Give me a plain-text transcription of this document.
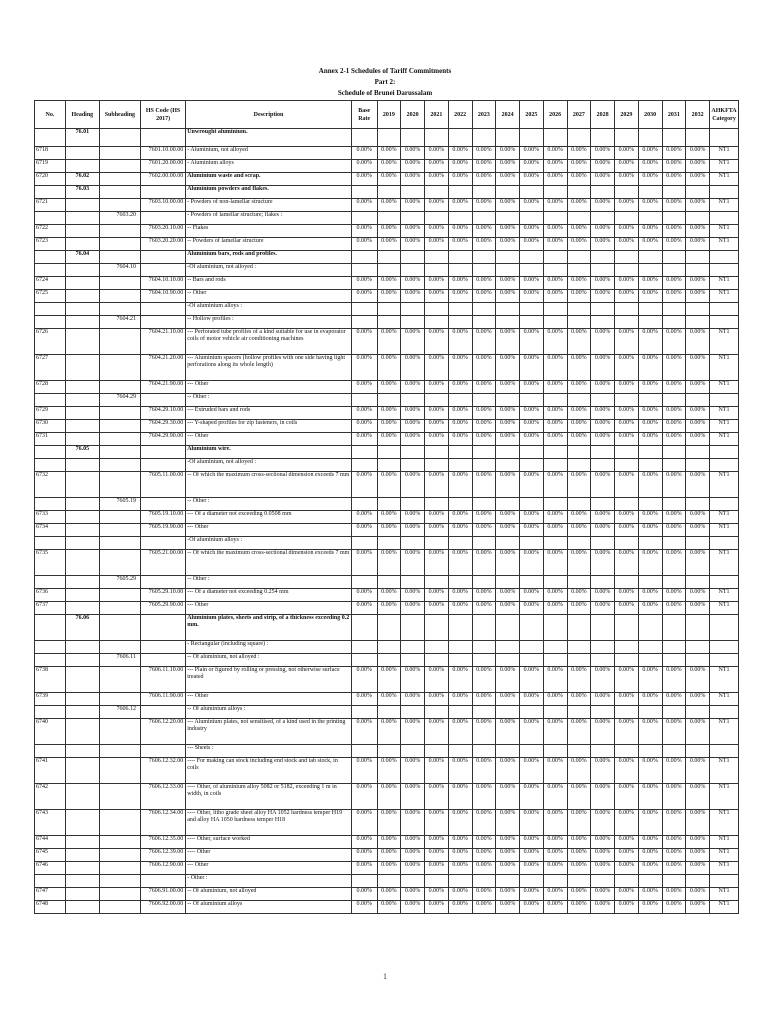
Annex 2-1 Schedules of Tariff Commitments
Part 2:
Schedule of Brunei Darussalam
No.	Heading	Subheading	HS Code (HS 2017)	Description	Base Rate	2019	2020	2021	2022	2023	2024	2025	2026	2027	2028	2029	2030	2031	2032	AHKFTA Category
	76.01			Unwrought aluminium.																
6718			7601.10.00.00	- Aluminium, not alloyed	0.00%	0.00%	0.00%	0.00%	0.00%	0.00%	0.00%	0.00%	0.00%	0.00%	0.00%	0.00%	0.00%	0.00%	0.00%	NT1
6719			7601.20.00.00	- Aluminium alloys	0.00%	0.00%	0.00%	0.00%	0.00%	0.00%	0.00%	0.00%	0.00%	0.00%	0.00%	0.00%	0.00%	0.00%	0.00%	NT1
6720	76.02		7602.00.00.00	Aluminium waste and scrap.	0.00%	0.00%	0.00%	0.00%	0.00%	0.00%	0.00%	0.00%	0.00%	0.00%	0.00%	0.00%	0.00%	0.00%	0.00%	NT1
	76.03			Aluminium powders and flakes.																
6721			7603.10.00.00	- Powders of non-lamellar structure	0.00%	0.00%	0.00%	0.00%	0.00%	0.00%	0.00%	0.00%	0.00%	0.00%	0.00%	0.00%	0.00%	0.00%	0.00%	NT1
		7603.20		- Powders of lamellar structure; flakes :																
6722			7603.20.10.00	-- Flakes	0.00%	0.00%	0.00%	0.00%	0.00%	0.00%	0.00%	0.00%	0.00%	0.00%	0.00%	0.00%	0.00%	0.00%	0.00%	NT1
6723			7603.20.20.00	-- Powders of lamellar structure	0.00%	0.00%	0.00%	0.00%	0.00%	0.00%	0.00%	0.00%	0.00%	0.00%	0.00%	0.00%	0.00%	0.00%	0.00%	NT1
	76.04			Aluminium bars, rods and profiles.																
		7604.10		-Of aluminium, not alloyed :																
6724			7604.10.10.00	-- Bars and rods	0.00%	0.00%	0.00%	0.00%	0.00%	0.00%	0.00%	0.00%	0.00%	0.00%	0.00%	0.00%	0.00%	0.00%	0.00%	NT1
6725			7604.10.90.00	-- Other	0.00%	0.00%	0.00%	0.00%	0.00%	0.00%	0.00%	0.00%	0.00%	0.00%	0.00%	0.00%	0.00%	0.00%	0.00%	NT1
				-Of aluminium alloys :																
		7604.21		-- Hollow profiles :																
6726			7604.21.10.00	--- Perforated tube profiles of a kind suitable for use in evaporator coils of motor vehicle air conditioning machines	0.00%	0.00%	0.00%	0.00%	0.00%	0.00%	0.00%	0.00%	0.00%	0.00%	0.00%	0.00%	0.00%	0.00%	0.00%	NT1
6727			7604.21.20.00	--- Aluminium spacers (hollow profiles with one side having light perforations along its whole length)	0.00%	0.00%	0.00%	0.00%	0.00%	0.00%	0.00%	0.00%	0.00%	0.00%	0.00%	0.00%	0.00%	0.00%	0.00%	NT1
6728			7604.21.90.00	--- Other	0.00%	0.00%	0.00%	0.00%	0.00%	0.00%	0.00%	0.00%	0.00%	0.00%	0.00%	0.00%	0.00%	0.00%	0.00%	NT1
		7604.29		-- Other :																
6729			7604.29.10.00	--- Extruded bars and rods	0.00%	0.00%	0.00%	0.00%	0.00%	0.00%	0.00%	0.00%	0.00%	0.00%	0.00%	0.00%	0.00%	0.00%	0.00%	NT1
6730			7604.29.30.00	--- Y-shaped profiles for zip fasteners, in coils	0.00%	0.00%	0.00%	0.00%	0.00%	0.00%	0.00%	0.00%	0.00%	0.00%	0.00%	0.00%	0.00%	0.00%	0.00%	NT1
6731			7604.29.90.00	--- Other	0.00%	0.00%	0.00%	0.00%	0.00%	0.00%	0.00%	0.00%	0.00%	0.00%	0.00%	0.00%	0.00%	0.00%	0.00%	NT1
	76.05			Aluminium wire.																
				-Of aluminium, not alloyed :																
6732			7605.11.00.00	-- Of which the maximum cross-sectional dimension exceeds 7 mm	0.00%	0.00%	0.00%	0.00%	0.00%	0.00%	0.00%	0.00%	0.00%	0.00%	0.00%	0.00%	0.00%	0.00%	0.00%	NT1
		7605.19		-- Other :																
6733			7605.19.10.00	--- Of a diameter not exceeding 0.0508 mm	0.00%	0.00%	0.00%	0.00%	0.00%	0.00%	0.00%	0.00%	0.00%	0.00%	0.00%	0.00%	0.00%	0.00%	0.00%	NT1
6734			7605.19.90.00	--- Other	0.00%	0.00%	0.00%	0.00%	0.00%	0.00%	0.00%	0.00%	0.00%	0.00%	0.00%	0.00%	0.00%	0.00%	0.00%	NT1
				-Of aluminium alloys :																
6735			7605.21.00.00	-- Of which the maximum cross-sectional dimension exceeds 7 mm	0.00%	0.00%	0.00%	0.00%	0.00%	0.00%	0.00%	0.00%	0.00%	0.00%	0.00%	0.00%	0.00%	0.00%	0.00%	NT1
		7605.29		-- Other :																
6736			7605.29.10.00	--- Of a diameter not exceeding 0.254 mm	0.00%	0.00%	0.00%	0.00%	0.00%	0.00%	0.00%	0.00%	0.00%	0.00%	0.00%	0.00%	0.00%	0.00%	0.00%	NT1
6737			7605.29.90.00	--- Other	0.00%	0.00%	0.00%	0.00%	0.00%	0.00%	0.00%	0.00%	0.00%	0.00%	0.00%	0.00%	0.00%	0.00%	0.00%	NT1
	76.06			Aluminium plates, sheets and strip, of a thickness exceeding 0.2 mm.																
				- Rectangular (including square) :																
		7606.11		-- Of aluminium, not alloyed :																
6738			7606.11.10.00	--- Plain or figured by rolling or pressing, not otherwise surface treated	0.00%	0.00%	0.00%	0.00%	0.00%	0.00%	0.00%	0.00%	0.00%	0.00%	0.00%	0.00%	0.00%	0.00%	0.00%	NT1
6739			7606.11.90.00	--- Other	0.00%	0.00%	0.00%	0.00%	0.00%	0.00%	0.00%	0.00%	0.00%	0.00%	0.00%	0.00%	0.00%	0.00%	0.00%	NT1
		7606.12		-- Of aluminium alloys :																
6740			7606.12.20.00	--- Aluminium plates, not sensitised, of a kind used in the printing industry	0.00%	0.00%	0.00%	0.00%	0.00%	0.00%	0.00%	0.00%	0.00%	0.00%	0.00%	0.00%	0.00%	0.00%	0.00%	NT1
				--- Sheets :																
6741			7606.12.32.00	---- For making can stock including end stock and tab stock, in coils	0.00%	0.00%	0.00%	0.00%	0.00%	0.00%	0.00%	0.00%	0.00%	0.00%	0.00%	0.00%	0.00%	0.00%	0.00%	NT1
6742			7606.12.33.00	---- Other, of aluminium alloy 5082 or 5182, exceeding 1 m in width, in coils	0.00%	0.00%	0.00%	0.00%	0.00%	0.00%	0.00%	0.00%	0.00%	0.00%	0.00%	0.00%	0.00%	0.00%	0.00%	NT1
6743			7606.12.34.00	---- Other, litho grade sheet alloy HA 1052 hardness temper H19 and alloy HA 1050 hardness temper H18	0.00%	0.00%	0.00%	0.00%	0.00%	0.00%	0.00%	0.00%	0.00%	0.00%	0.00%	0.00%	0.00%	0.00%	0.00%	NT1
6744			7606.12.35.00	---- Other, surface worked	0.00%	0.00%	0.00%	0.00%	0.00%	0.00%	0.00%	0.00%	0.00%	0.00%	0.00%	0.00%	0.00%	0.00%	0.00%	NT1
6745			7606.12.39.00	---- Other	0.00%	0.00%	0.00%	0.00%	0.00%	0.00%	0.00%	0.00%	0.00%	0.00%	0.00%	0.00%	0.00%	0.00%	0.00%	NT1
6746			7606.12.90.00	--- Other	0.00%	0.00%	0.00%	0.00%	0.00%	0.00%	0.00%	0.00%	0.00%	0.00%	0.00%	0.00%	0.00%	0.00%	0.00%	NT1
				- Other :																
6747			7606.91.00.00	-- Of aluminium, not alloyed	0.00%	0.00%	0.00%	0.00%	0.00%	0.00%	0.00%	0.00%	0.00%	0.00%	0.00%	0.00%	0.00%	0.00%	0.00%	NT1
6748			7606.92.00.00	-- Of aluminium alloys	0.00%	0.00%	0.00%	0.00%	0.00%	0.00%	0.00%	0.00%	0.00%	0.00%	0.00%	0.00%	0.00%	0.00%	0.00%	NT1
1
